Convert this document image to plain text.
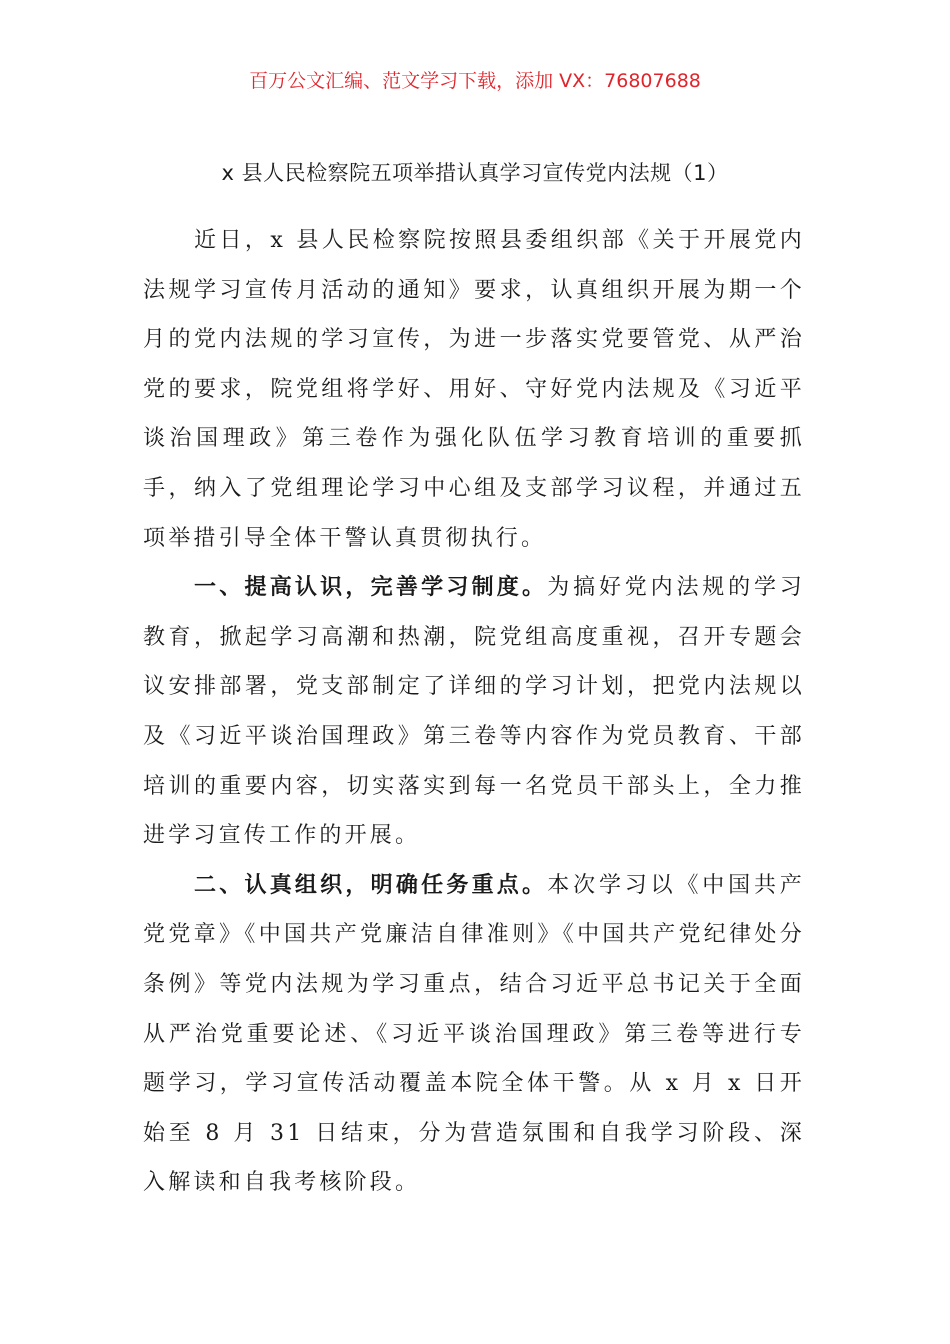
百万公文汇编、范文学习下载，添加 VX：76807688
x 县人民检察院五项举措认真学习宣传党内法规（1）

近日，x 县人民检察院按照县委组织部《关于开展党内法规学习宣传月活动的通知》要求，认真组织开展为期一个月的党内法规的学习宣传，为进一步落实党要管党、从严治党的要求，院党组将学好、用好、守好党内法规及《习近平谈治国理政》第三卷作为强化队伍学习教育培训的重要抓手，纳入了党组理论学习中心组及支部学习议程，并通过五项举措引导全体干警认真贯彻执行。

一、提高认识，完善学习制度。为搞好党内法规的学习教育，掀起学习高潮和热潮，院党组高度重视，召开专题会议安排部署，党支部制定了详细的学习计划，把党内法规以及《习近平谈治国理政》第三卷等内容作为党员教育、干部培训的重要内容，切实落实到每一名党员干部头上，全力推进学习宣传工作的开展。

二、认真组织，明确任务重点。本次学习以《中国共产党党章》《中国共产党廉洁自律准则》《中国共产党纪律处分条例》等党内法规为学习重点，结合习近平总书记关于全面从严治党重要论述、《习近平谈治国理政》第三卷等进行专题学习，学习宣传活动覆盖本院全体干警。从 x 月 x 日开始至 8 月 31 日结束，分为营造氛围和自我学习阶段、深入解读和自我考核阶段。
